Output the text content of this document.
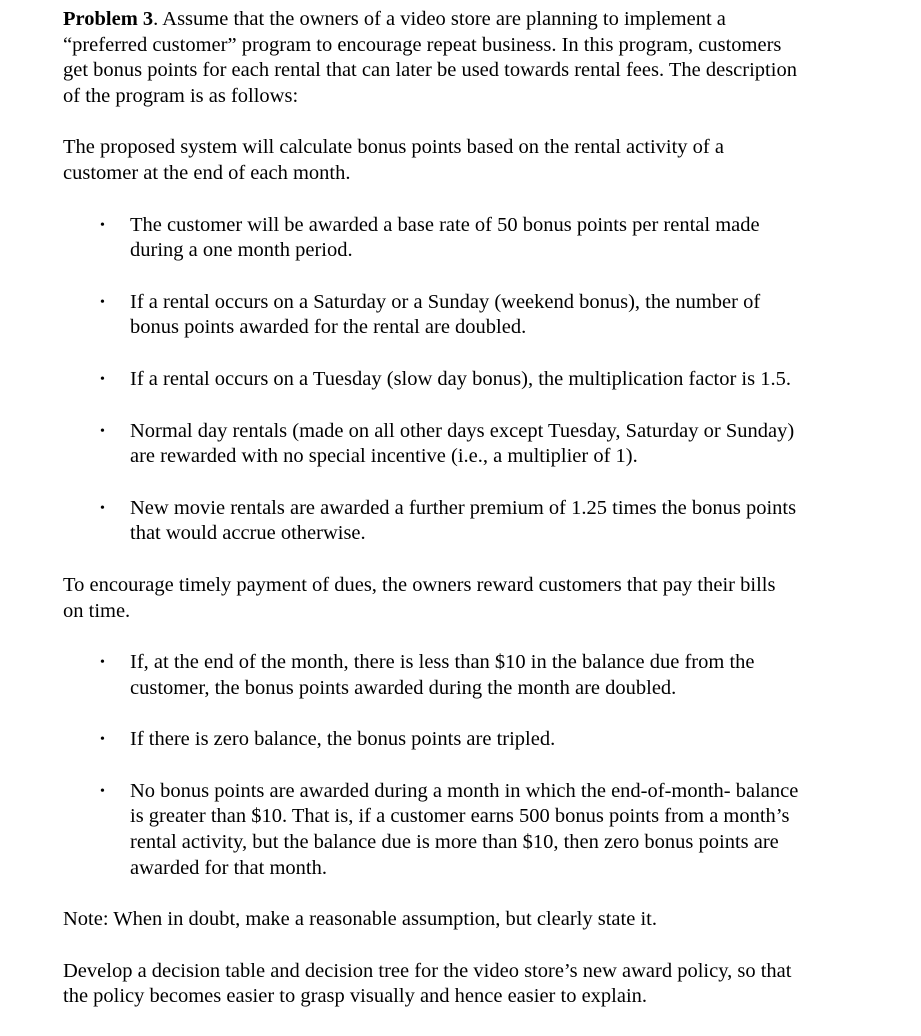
Problem 3. Assume that the owners of a video store are planning to implement a
“preferred customer” program to encourage repeat business. In this program, customers
get bonus points for each rental that can later be used towards rental fees. The description
of the program is as follows:
The proposed system will calculate bonus points based on the rental activity of a
customer at the end of each month.
• The customer will be awarded a base rate of 50 bonus points per rental made
during a one month period.
• If a rental occurs on a Saturday or a Sunday (weekend bonus), the number of
bonus points awarded for the rental are doubled.
• If a rental occurs on a Tuesday (slow day bonus), the multiplication factor is 1.5.
• Normal day rentals (made on all other days except Tuesday, Saturday or Sunday)
are rewarded with no special incentive (i.e., a multiplier of 1).
• New movie rentals are awarded a further premium of 1.25 times the bonus points
that would accrue otherwise.
To encourage timely payment of dues, the owners reward customers that pay their bills
on time.
• If, at the end of the month, there is less than $10 in the balance due from the
customer, the bonus points awarded during the month are doubled.
• If there is zero balance, the bonus points are tripled.
• No bonus points are awarded during a month in which the end-of-month- balance
is greater than $10. That is, if a customer earns 500 bonus points from a month’s
rental activity, but the balance due is more than $10, then zero bonus points are
awarded for that month.
Note: When in doubt, make a reasonable assumption, but clearly state it.
Develop a decision table and decision tree for the video store’s new award policy, so that
the policy becomes easier to grasp visually and hence easier to explain.
